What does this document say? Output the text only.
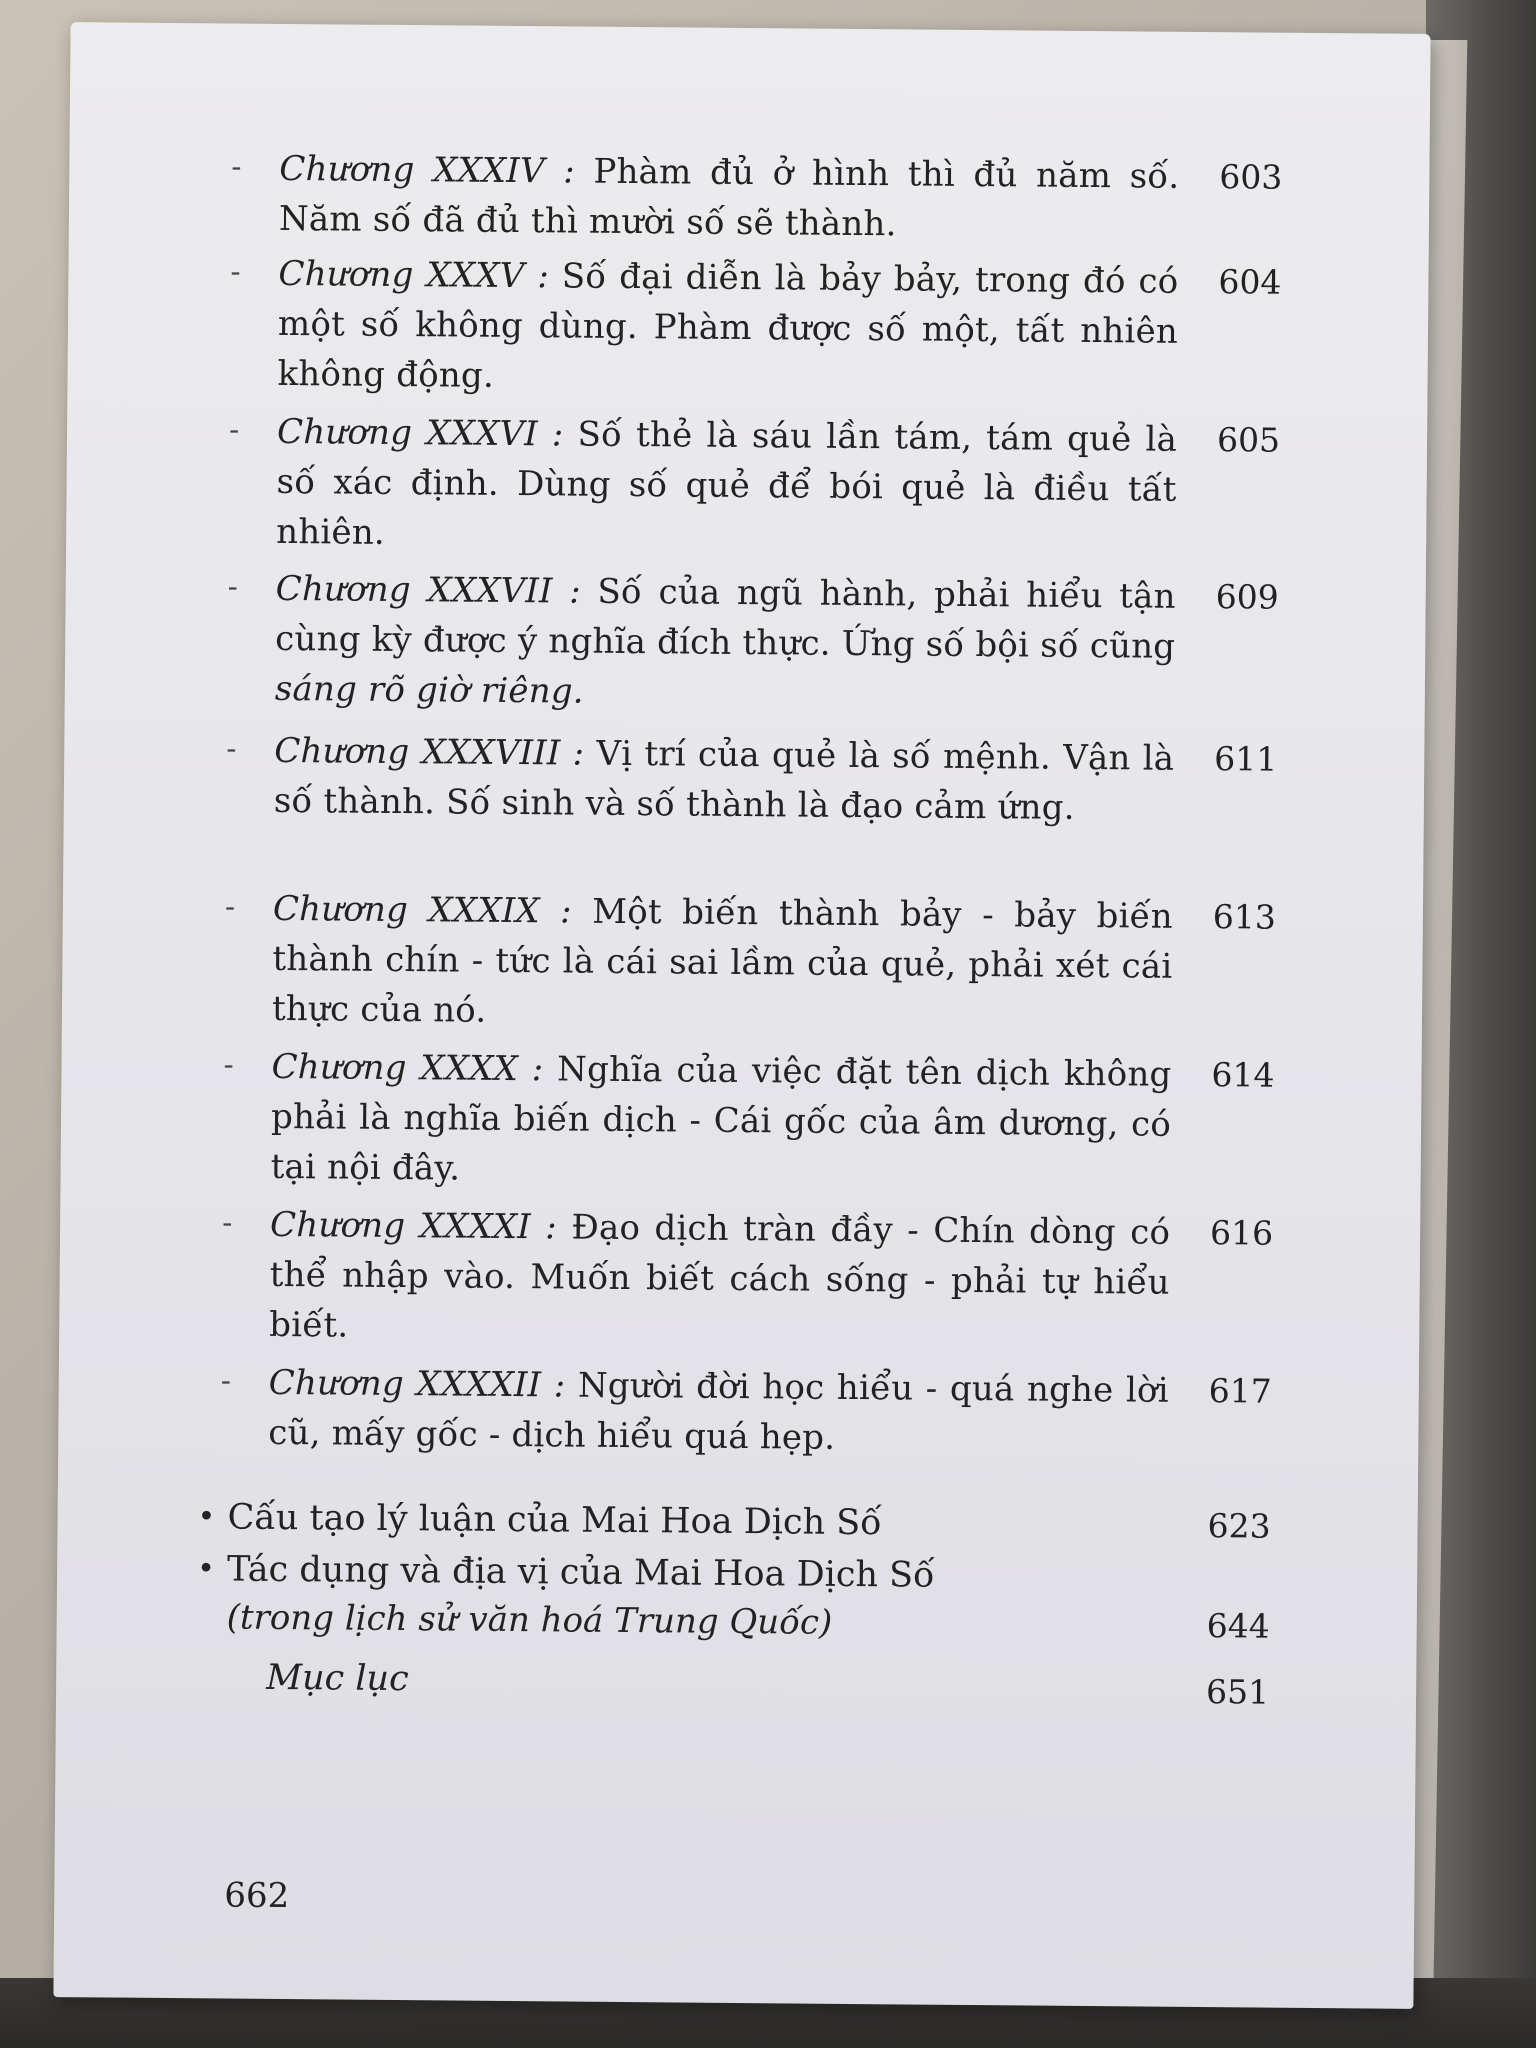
- Chương XXXIV : Phàm đủ ở hình thì đủ năm số. Năm số đã đủ thì mười số sẽ thành.
603
- Chương XXXV : Số đại diễn là bảy bảy, trong đó có một số không dùng. Phàm được số một, tất nhiên không động.
604
- Chương XXXVI : Số thẻ là sáu lần tám, tám quẻ là số xác định. Dùng số quẻ để bói quẻ là điều tất nhiên.
605
- Chương XXXVII : Số của ngũ hành, phải hiểu tận cùng kỳ được ý nghĩa đích thực. Ứng số bội số cũng sáng rõ giờ riêng.
609
- Chương XXXVIII : Vị trí của quẻ là số mệnh. Vận là số thành. Số sinh và số thành là đạo cảm ứng.
611
- Chương XXXIX : Một biến thành bảy - bảy biến thành chín - tức là cái sai lầm của quẻ, phải xét cái thực của nó.
613
- Chương XXXX : Nghĩa của việc đặt tên dịch không phải là nghĩa biến dịch - Cái gốc của âm dương, có tại nội đây.
614
- Chương XXXXI : Đạo dịch tràn đầy - Chín dòng có thể nhập vào. Muốn biết cách sống - phải tự hiểu biết.
616
- Chương XXXXII : Người đời học hiểu - quá nghe lời cũ, mấy gốc - dịch hiểu quá hẹp.
617
• Cấu tạo lý luận của Mai Hoa Dịch Số	623
• Tác dụng và địa vị của Mai Hoa Dịch Số
(trong lịch sử văn hoá Trung Quốc)	644
Mục lục	651
662
